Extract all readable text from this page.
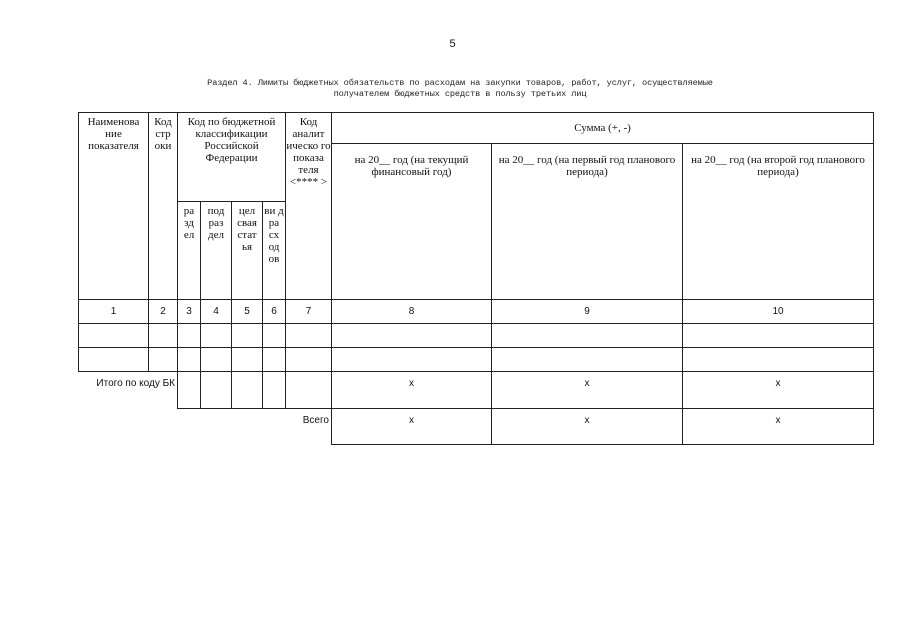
5
Раздел 4. Лимиты бюджетных обязательств по расходам на закупки товаров, работ, услуг, осуществляемые
получателем бюджетных средств в пользу третьих лиц
Наименова ние показателя	Код стр оки	Код по бюджетной классификации Российской Федерации				Код аналит ическо го показа теля <**** >	Сумма (+, -)		
							на 20__ год (на текущий финансовый год)	на 20__ год (на первый год планового периода)	на 20__ год (на второй год планового периода)
		ра зд ел	под раз дел	цел свая стат ья	ви д ра сх од ов				
1	2	3	4	5	6	7	8	9	10

Итого по коду БК							x	x	x
Всего							x	x	x
